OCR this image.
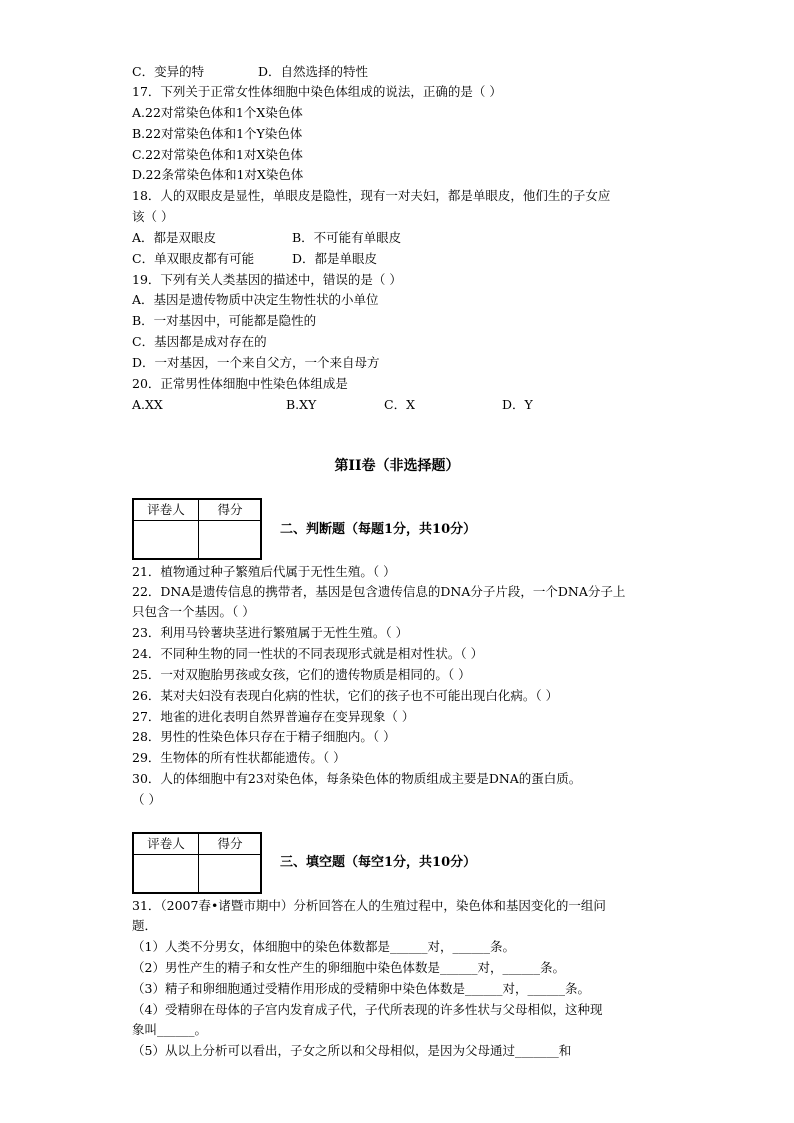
C．变异的特	D．自然选择的特性
17．下列关于正常女性体细胞中染色体组成的说法，正确的是（ ）
A.22对常染色体和1个X染色体
B.22对常染色体和1个Y染色体
C.22对常染色体和1对X染色体
D.22条常染色体和1对X染色体
18．人的双眼皮是显性，单眼皮是隐性，现有一对夫妇，都是单眼皮，他们生的子女应
该（ ）
A．都是双眼皮	B．不可能有单眼皮
C．单双眼皮都有可能	D．都是单眼皮
19．下列有关人类基因的描述中，错误的是（ ）
A．基因是遗传物质中决定生物性状的小单位
B．一对基因中，可能都是隐性的
C．基因都是成对存在的
D．一对基因，一个来自父方，一个来自母方
20．正常男性体细胞中性染色体组成是
A.XX	B.XY	C．X	D．Y
第II卷（非选择题）
评卷人	得分
二、判断题（每题1分，共10分）
21．植物通过种子繁殖后代属于无性生殖。（ ）
22．DNA是遗传信息的携带者，基因是包含遗传信息的DNA分子片段，一个DNA分子上
只包含一个基因。（ ）
23．利用马铃薯块茎进行繁殖属于无性生殖。（ ）
24．不同种生物的同一性状的不同表现形式就是相对性状。（ ）
25．一对双胞胎男孩或女孩，它们的遗传物质是相同的。（ ）
26．某对夫妇没有表现白化病的性状，它们的孩子也不可能出现白化病。（ ）
27．地雀的进化表明自然界普遍存在变异现象（ ）
28．男性的性染色体只存在于精子细胞内。（ ）
29．生物体的所有性状都能遗传。（ ）
30．人的体细胞中有23对染色体，每条染色体的物质组成主要是DNA的蛋白质。
（ ）
评卷人	得分
三、填空题（每空1分，共10分）
31．（2007春•诸暨市期中）分析回答在人的生殖过程中，染色体和基因变化的一组问
题．
（1）人类不分男女，体细胞中的染色体数都是______对，______条。
（2）男性产生的精子和女性产生的卵细胞中染色体数是______对，______条。
（3）精子和卵细胞通过受精作用形成的受精卵中染色体数是______对，______条。
（4）受精卵在母体的子宫内发育成子代，子代所表现的许多性状与父母相似，这种现
象叫______。
（5）从以上分析可以看出，子女之所以和父母相似，是因为父母通过_______和
